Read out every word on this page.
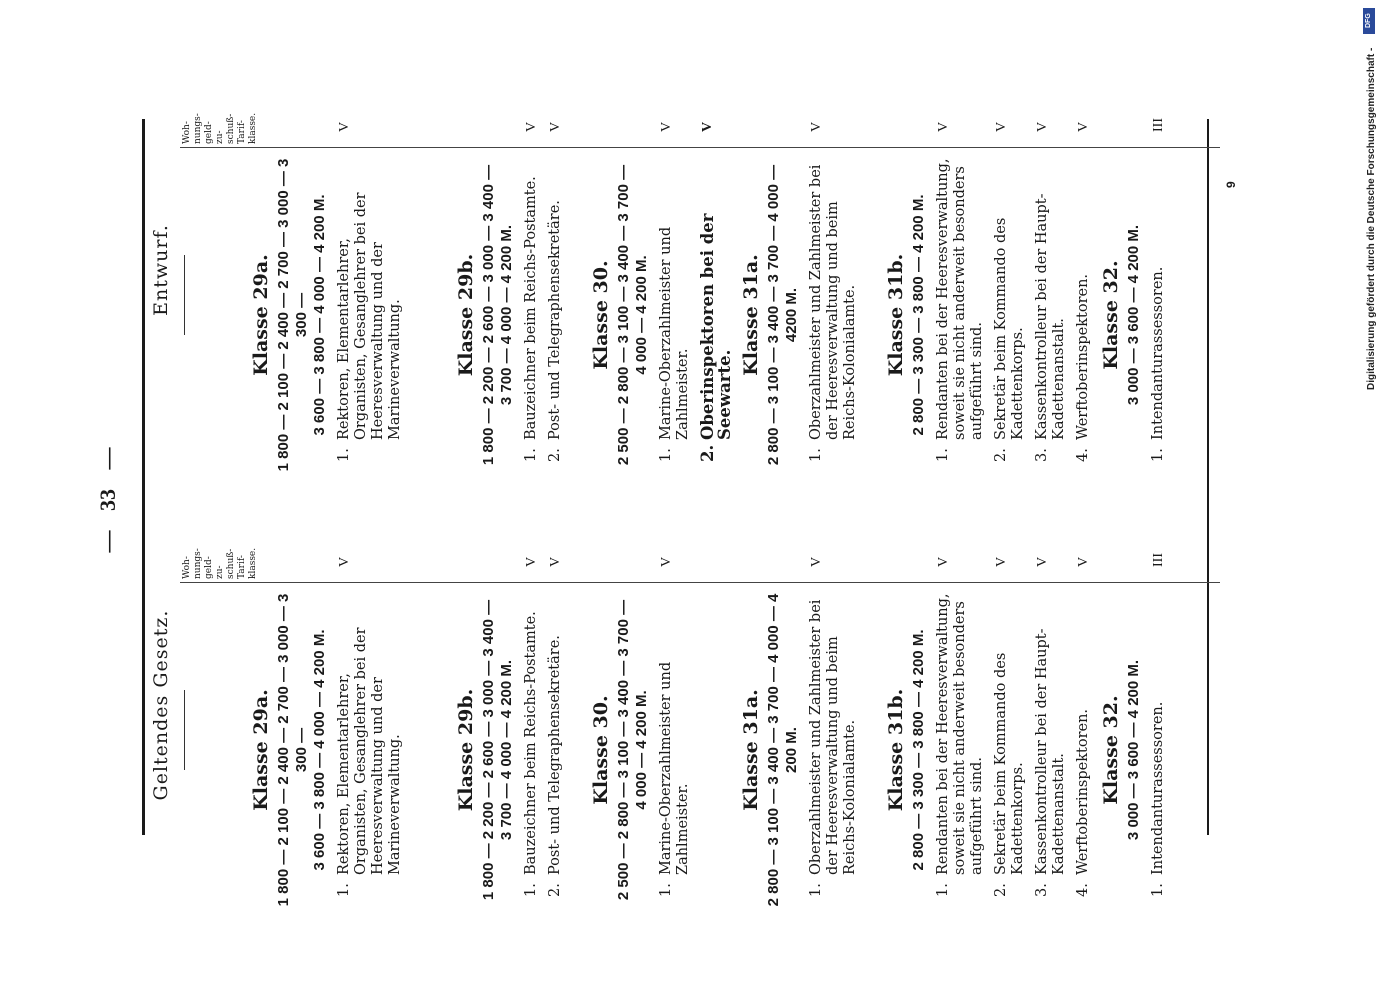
— 33 —
Geltendes Gesetz.
Woh-
nungs-
geld-
zu-
schuß-
Tarif-
klasse.
Klasse 29a. 1 800 — 2 100 — 2 400 — 2 700 — 3 000 — 3 300 — 3 600 — 3 800 — 4 000 — 4 200 M.
1.
Rektoren, Elementarlehrer, Organisten, Gesanglehrer bei der Heeresverwaltung und der Marineverwaltung.
V
Klasse 29b. 1 800 — 2 200 — 2 600 — 3 000 — 3 400 — 3 700 — 4 000 — 4 200 M.
1.
Bauzeichner beim Reichs-Postamte.
V
2.
Post- und Telegraphensekretäre.
V
Klasse 30. 2 500 — 2 800 — 3 100 — 3 400 — 3 700 — 4 000 — 4 200 M.
1.
Marine-Oberzahlmeister und Zahlmeister.
V
Klasse 31a. 2 800 — 3 100 — 3 400 — 3 700 — 4 000 — 4 200 M.
1.
Oberzahlmeister und Zahlmeister bei der Heeresverwaltung und beim Reichs-Kolonialamte.
V
Klasse 31b. 2 800 — 3 300 — 3 800 — 4 200 M.
1.
Rendanten bei der Heeresverwaltung, soweit sie nicht anderweit besonders aufgeführt sind.
V
2.
Sekretär beim Kommando des Kadettenkorps.
V
3.
Kassenkontrolleur bei der Haupt-Kadettenanstalt.
V
4.
Werftoberinspektoren.
V
Klasse 32. 3 000 — 3 600 — 4 200 M.
1.
Intendanturassessoren.
III
Entwurf.
Woh-
nungs-
geld-
zu-
schuß-
Tarif-
klasse.
Klasse 29a. 1 800 — 2 100 — 2 400 — 2 700 — 3 000 — 3 300 — 3 600 — 3 800 — 4 000 — 4 200 M.
1.
Rektoren, Elementarlehrer, Organisten, Gesanglehrer bei der Heeresverwaltung und der Marineverwaltung.
V
Klasse 29b. 1 800 — 2 200 — 2 600 — 3 000 — 3 400 — 3 700 — 4 000 — 4 200 M.
1.
Bauzeichner beim Reichs-Postamte.
V
2.
Post- und Telegraphensekretäre.
V
Klasse 30. 2 500 — 2 800 — 3 100 — 3 400 — 3 700 — 4 000 — 4 200 M.
1.
Marine-Oberzahlmeister und Zahlmeister.
V
2.
Oberinspektoren bei der Seewarte.
V
Klasse 31a. 2 800 — 3 100 — 3 400 — 3 700 — 4 000 — 4200 M.
1.
Oberzahlmeister und Zahlmeister bei der Heeresverwaltung und beim Reichs-Kolonialamte.
V
Klasse 31b. 2 800 — 3 300 — 3 800 — 4 200 M.
1.
Rendanten bei der Heeresverwaltung, soweit sie nicht anderweit besonders aufgeführt sind.
V
2.
Sekretär beim Kommando des Kadettenkorps.
V
3.
Kassenkontrolleur bei der Haupt-Kadettenanstalt.
V
4.
Werftoberinspektoren.
V
Klasse 32. 3 000 — 3 600 — 4 200 M.
1.
Intendanturassessoren.
III
9
DFG
Digitalisierung gefördert durch die Deutsche Forschungsgemeinschaft -
